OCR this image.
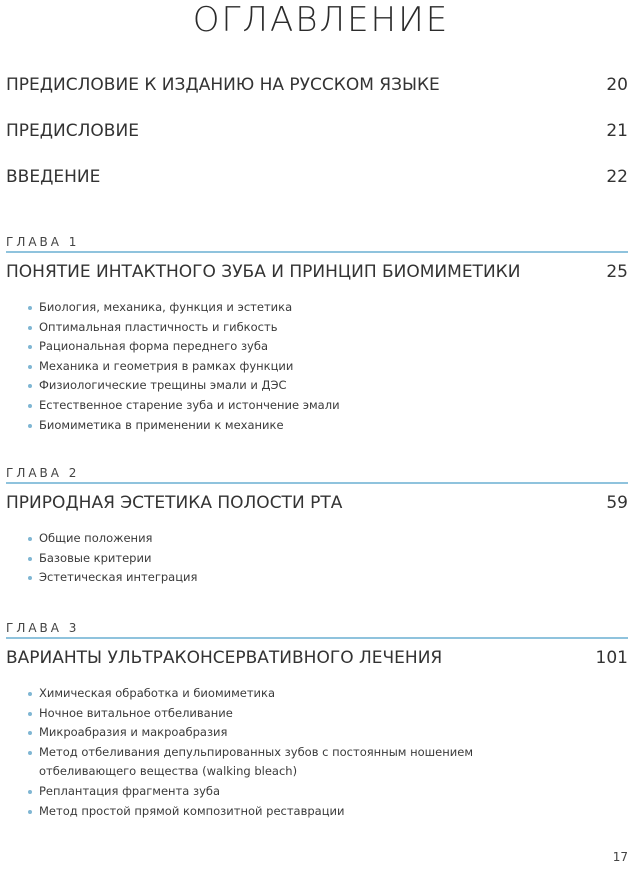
ОГЛАВЛЕНИЕ
ПРЕДИСЛОВИЕ К ИЗДАНИЮ НА РУССКОМ ЯЗЫКЕ	20
ПРЕДИСЛОВИЕ	21
ВВЕДЕНИЕ	22
ГЛАВА 1
ПОНЯТИЕ ИНТАКТНОГО ЗУБА И ПРИНЦИП БИОМИМЕТИКИ	25
Биология, механика, функция и эстетика
Оптимальная пластичность и гибкость
Рациональная форма переднего зуба
Механика и геометрия в рамках функции
Физиологические трещины эмали и ДЭС
Естественное старение зуба и истончение эмали
Биомиметика в применении к механике
ГЛАВА 2
ПРИРОДНАЯ ЭСТЕТИКА ПОЛОСТИ РТА	59
Общие положения
Базовые критерии
Эстетическая интеграция
ГЛАВА 3
ВАРИАНТЫ УЛЬТРАКОНСЕРВАТИВНОГО ЛЕЧЕНИЯ	101
Химическая обработка и биомиметика
Ночное витальное отбеливание
Микроабразия и макроабразия
Метод отбеливания депульпированных зубов с постоянным ношением
отбеливающего вещества (walking bleach)
Реплантация фрагмента зуба
Метод простой прямой композитной реставрации
17
